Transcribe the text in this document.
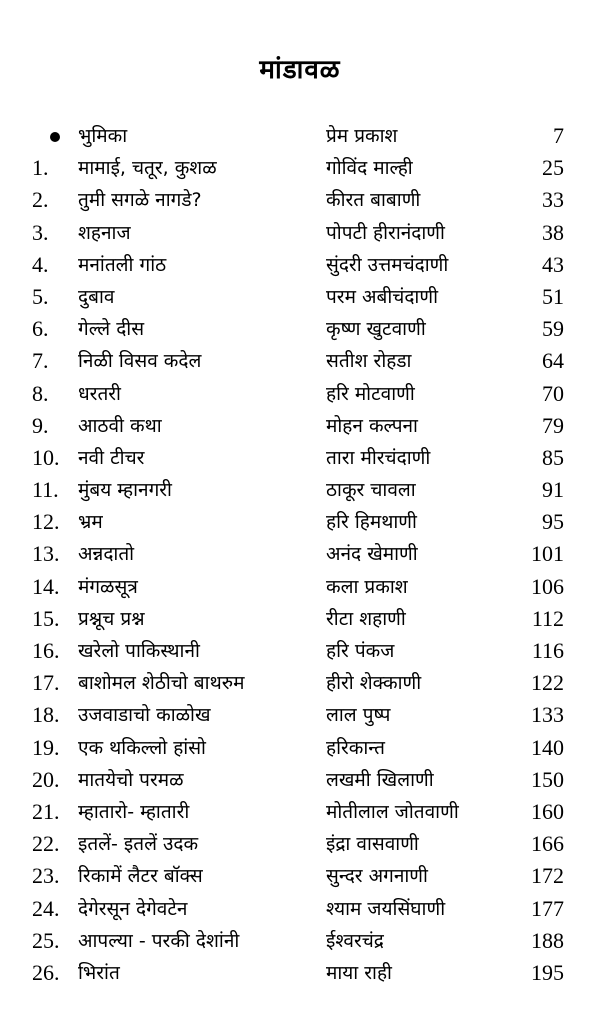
मांडावळ
भुमिका	प्रेम प्रकाश	7
1.	मामाई, चतूर, कुशळ	गोविंद माल्ही	25
2.	तुमी सगळे नागडे?	कीरत बाबाणी	33
3.	शहनाज	पोपटी हीरानंदाणी	38
4.	मनांतली गांठ	सुंदरी उत्तमचंदाणी	43
5.	दुबाव	परम अबीचंदाणी	51
6.	गेल्ले दीस	कृष्ण खुटवाणी	59
7.	निळी विसव कदेल	सतीश रोहडा	64
8.	धरतरी	हरि मोटवाणी	70
9.	आठवी कथा	मोहन कल्पना	79
10. नवी टीचर	तारा मीरचंदाणी	85
11.	मुंबय म्हानगरी	ठाकूर चावला	91
12. भ्रम	हरि हिमथाणी	95
13. अन्नदातो	अनंद खेमाणी	101
14. मंगळसूत्र	कला प्रकाश	106
15. प्रश्नूच प्रश्न	रीटा शहाणी	112
16. खरेलो पाकिस्थानी	हरि पंकज	116
17. बाशोमल शेठीचो बाथरुम	हीरो शेक्काणी	122
18. उजवाडाचो काळोख	लाल पुष्प	133
19. एक थकिल्लो हांसो	हरिकान्त	140
20. मातयेचो परमळ	लखमी खिलाणी	150
21. म्हातारो- म्हातारी	मोतीलाल जोतवाणी	160
22. इतलें- इतलें उदक	इंद्रा वासवाणी	166
23. रिकामें लैटर बॉक्स	सुन्दर अगनाणी	172
24. देगेरसून देगेवटेन	श्याम जयसिंघाणी	177
25. आपल्या - परकी देशांनी	ईश्वरचंद्र	188
26. भिरांत	माया राही	195
